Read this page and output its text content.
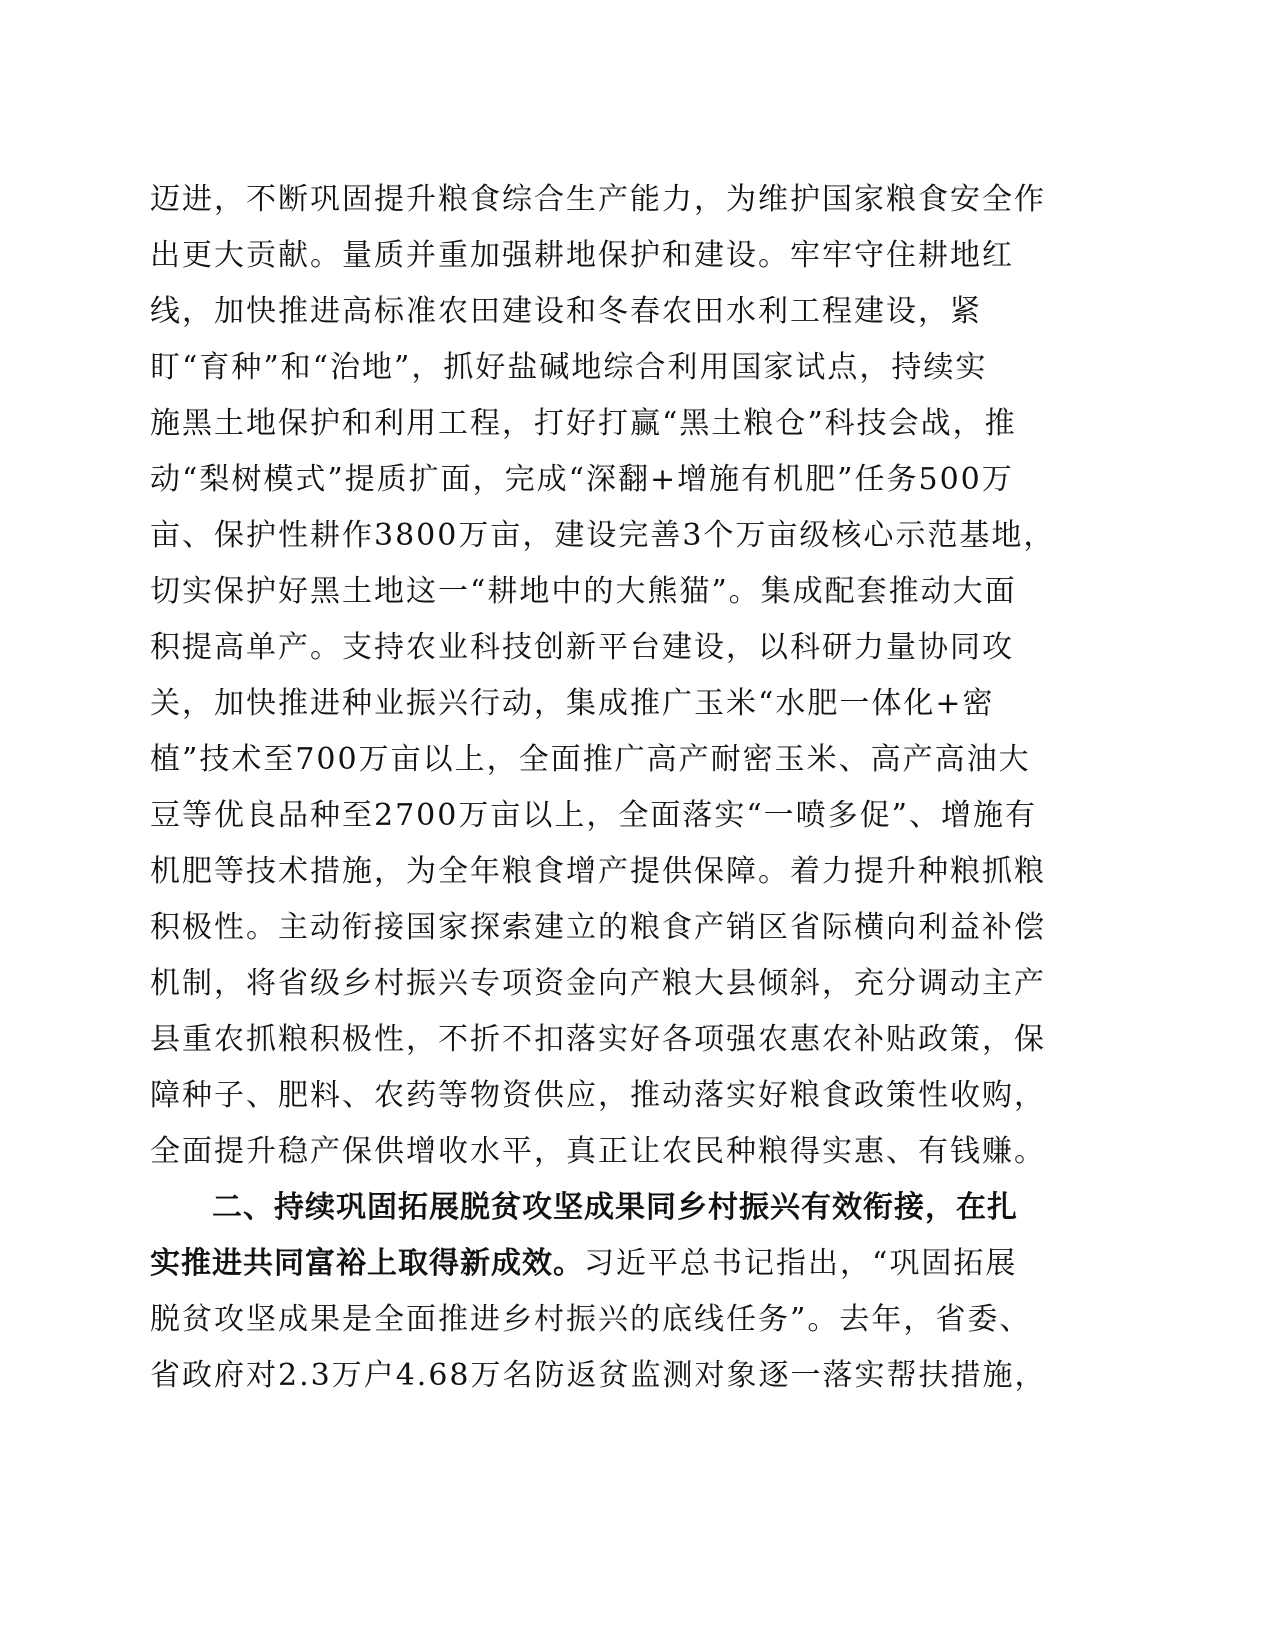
迈进，不断巩固提升粮食综合生产能力，为维护国家粮食安全作
出更大贡献。量质并重加强耕地保护和建设。牢牢守住耕地红
线，加快推进高标准农田建设和冬春农田水利工程建设，紧
盯“育种”和“治地”，抓好盐碱地综合利用国家试点，持续实
施黑土地保护和利用工程，打好打赢“黑土粮仓”科技会战，推
动“梨树模式”提质扩面，完成“深翻+增施有机肥”任务500万
亩、保护性耕作3800万亩，建设完善3个万亩级核心示范基地，
切实保护好黑土地这一“耕地中的大熊猫”。集成配套推动大面
积提高单产。支持农业科技创新平台建设，以科研力量协同攻
关，加快推进种业振兴行动，集成推广玉米“水肥一体化+密
植”技术至700万亩以上，全面推广高产耐密玉米、高产高油大
豆等优良品种至2700万亩以上，全面落实“一喷多促”、增施有
机肥等技术措施，为全年粮食增产提供保障。着力提升种粮抓粮
积极性。主动衔接国家探索建立的粮食产销区省际横向利益补偿
机制，将省级乡村振兴专项资金向产粮大县倾斜，充分调动主产
县重农抓粮积极性，不折不扣落实好各项强农惠农补贴政策，保
障种子、肥料、农药等物资供应，推动落实好粮食政策性收购，
全面提升稳产保供增收水平，真正让农民种粮得实惠、有钱赚。
二、持续巩固拓展脱贫攻坚成果同乡村振兴有效衔接，在扎
实推进共同富裕上取得新成效。习近平总书记指出，“巩固拓展
脱贫攻坚成果是全面推进乡村振兴的底线任务”。去年，省委、
省政府对2.3万户4.68万名防返贫监测对象逐一落实帮扶措施，
